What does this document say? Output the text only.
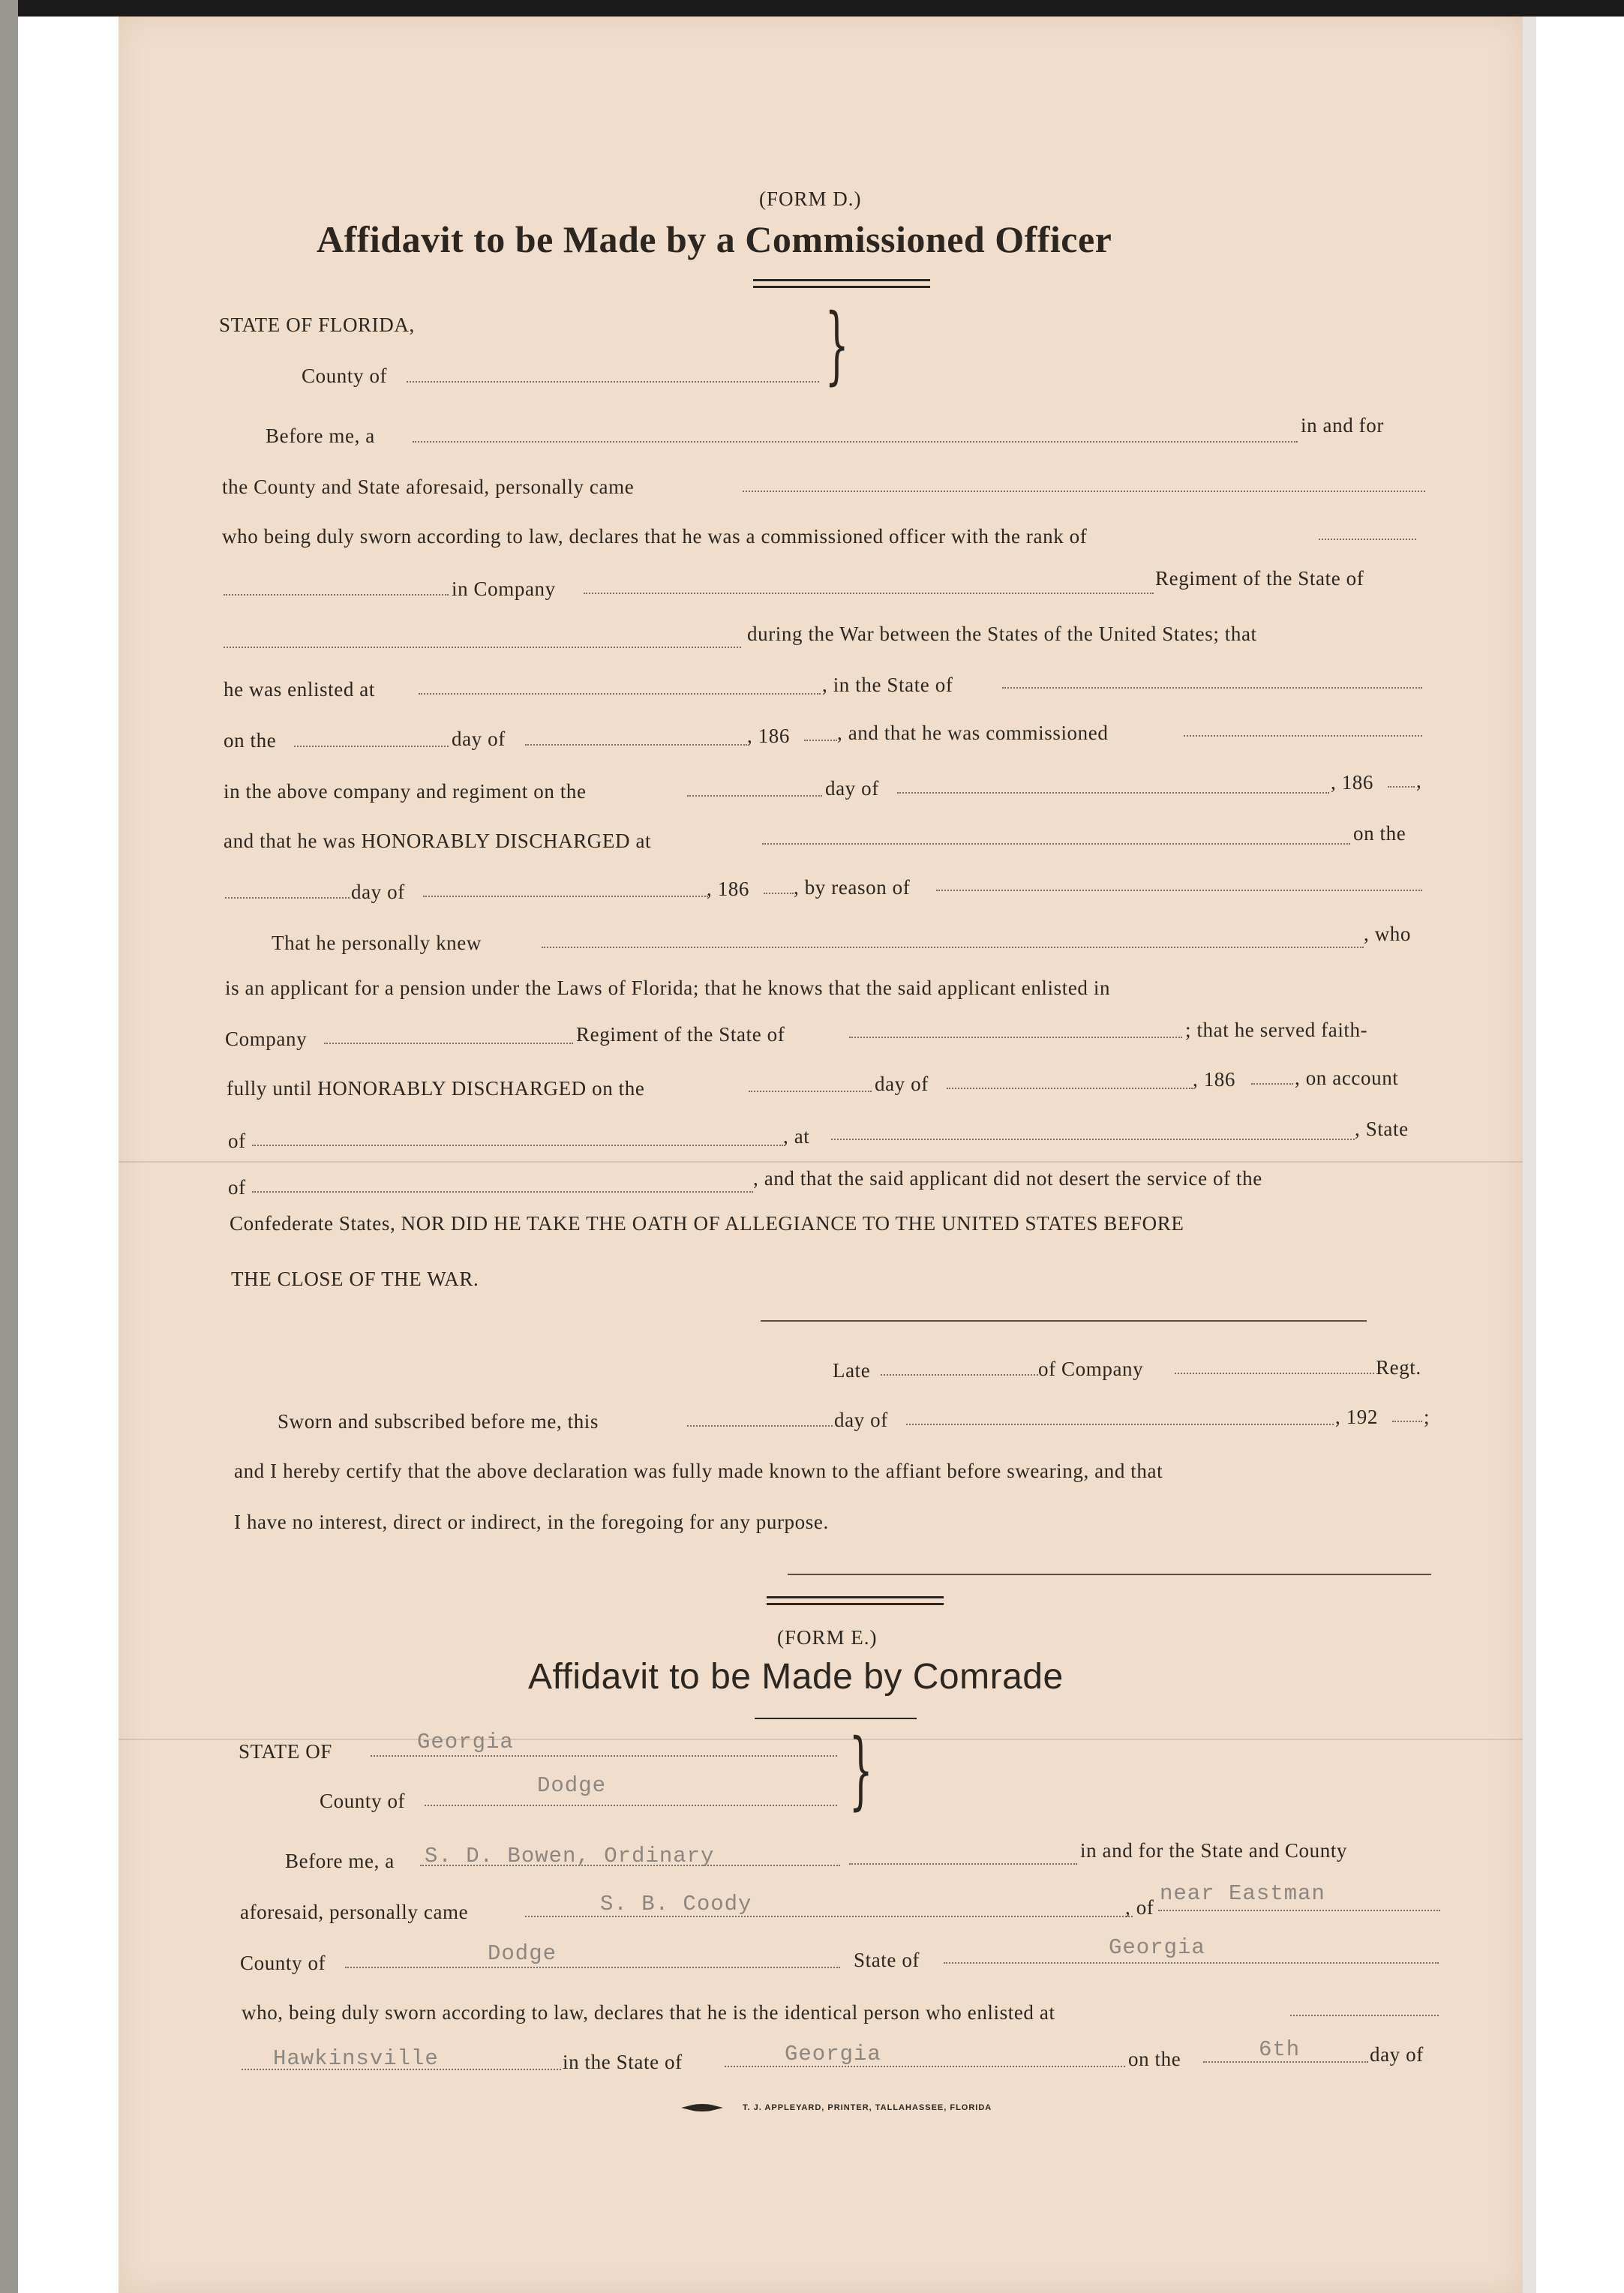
(FORM D.)
Affidavit to be Made by a Commissioned Officer
STATE OF FLORIDA,
County of	}
Before me, a	in and for
the County and State aforesaid, personally came
who being duly sworn according to law, declares that he was a commissioned officer with the rank of
in Company	Regiment of the State of
during the War between the States of the United States; that
he was enlisted at	, in the State of
on the	day of	, 186 , and that he was commissioned
in the above company and regiment on the	day of	, 186 ,
and that he was HONORABLY DISCHARGED at	on the
day of	, 186 , by reason of
That he personally knew	, who
is an applicant for a pension under the Laws of Florida; that he knows that the said applicant enlisted in
Company	Regiment of the State of	; that he served faith-
fully until HONORABLY DISCHARGED on the	day of	, 186	, on account
of	, at	, State
of	, and that the said applicant did not desert the service of the
Confederate States, NOR DID HE TAKE THE OATH OF ALLEGIANCE TO THE UNITED STATES BEFORE
THE CLOSE OF THE WAR.
Late	of Company	Regt.
Sworn and subscribed before me, this	day of	, 192 ;
and I hereby certify that the above declaration was fully made known to the affiant before swearing, and that
I have no interest, direct or indirect, in the foregoing for any purpose.
(FORM E.)
Affidavit to be Made by Comrade
STATE OF	Georgia
County of
Dodge	}
Before me, a S. D. Bowen, Ordinary	in and for the State and County
aforesaid, personally came	S. B. Coody	, of
near Eastman
County of	Dodge	State of	Georgia
who, being duly sworn according to law, declares that he is the identical person who enlisted at
Hawkinsville	in the State of	Georgia	on the	6th	day of
T. J. APPLEYARD, PRINTER, TALLAHASSEE, FLORIDA
